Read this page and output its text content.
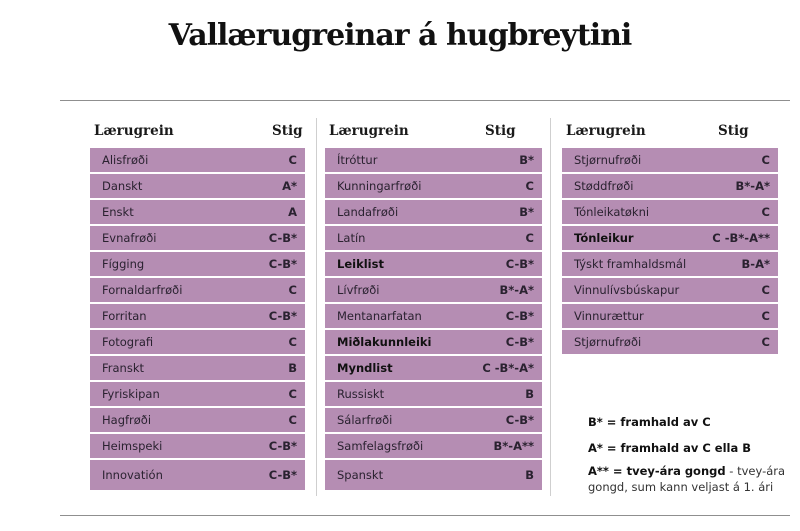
Vallærugreinar á hugbreytini
Lærugrein	Stig
Alisfrøði	C
Danskt	A*
Enskt	A
Evnafrøði	C-B*
Fígging	C-B*
Fornaldarfrøði	C
Forritan	C-B*
Fotografi	C
Franskt	B
Fyriskipan	C
Hagfrøði	C
Heimspeki	C-B*
Innovatión	C-B*
Lærugrein	Stig
Ítróttur	B*
Kunningarfrøði	C
Landafrøði	B*
Latín	C
Leiklist	C-B*
Lívfrøði	B*-A*
Mentanarfatan	C-B*
Miðlakunnleiki	C-B*
Myndlist	C -B*-A*
Russiskt	B
Sálarfrøði	C-B*
Samfelagsfrøði	B*-A**
Spanskt	B
Lærugrein	Stig
Stjørnufrøði	C
Støddfrøði	B*-A*
Tónleikatøkni	C
Tónleikur	C -B*-A**
Týskt framhaldsmál	B-A*
Vinnulívsbúskapur	C
Vinnurættur	C
Stjørnufrøði	C
B* = framhald av C
A* = framhald av C ella B
A** = tvey-ára gongd - tvey-ára gongd, sum kann veljast á 1. ári
